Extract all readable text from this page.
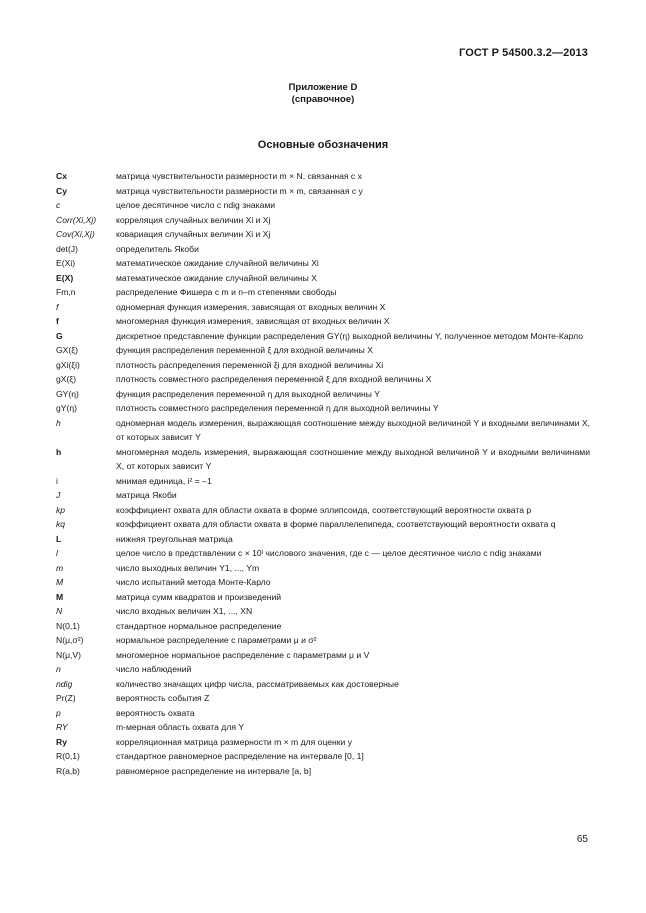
ГОСТ Р 54500.3.2—2013
Приложение D
(справочное)
Основные обозначения
Cx	матрица чувствительности размерности m × N, связанная с x
Cy	матрица чувствительности размерности m × m, связанная с y
c	целое десятичное число с ndig знаками
Corr(Xi,Xj)	корреляция случайных величин Xi и Xj
Cov(Xi,Xj)	ковариация случайных величин Xi и Xj
det(J)	определитель Якоби
E(Xi)	математическое ожидание случайной величины Xi
E(X)	математическое ожидание случайной величины X
Fm,n	распределение Фишера с m и n–m степенями свободы
f	одномерная функция измерения, зависящая от входных величин X
f	многомерная функция измерения, зависящая от входных величин X
G	дискретное представление функции распределения GY(η) выходной величины Y, полученное методом Монте-Карло
GX(ξ)	функция распределения переменной ξ для входной величины X
gXi(ξi)	плотность распределения переменной ξi для входной величины Xi
gX(ξ)	плотность совместного распределения переменной ξ для входной величины X
GY(η)	функция распределения переменной η для выходной величины Y
gY(η)	плотность совместного распределения переменной η для выходной величины Y
h	одномерная модель измерения, выражающая соотношение между выходной величиной Y и входными величинами X, от которых зависит Y
h	многомерная модель измерения, выражающая соотношение между выходной величиной Y и входными величинами X, от которых зависит Y
i	мнимая единица, i² = –1
J	матрица Якоби
kp	коэффициент охвата для области охвата в форме эллипсоида, соответствующий вероятности охвата p
kq	коэффициент охвата для области охвата в форме параллелепипеда, соответствующий вероятности охвата q
L	нижняя треугольная матрица
l	целое число в представлении c × 10ˡ числового значения, где c — целое десятичное число с ndig знаками
m	число выходных величин Y1, ..., Ym
M	число испытаний метода Монте-Карло
M	матрица сумм квадратов и произведений
N	число входных величин X1, ..., XN
N(0,1)	стандартное нормальное распределение
N(μ,σ²)	нормальное распределение с параметрами μ и σ²
N(μ,V)	многомерное нормальное распределение с параметрами μ и V
n	число наблюдений
ndig	количество значащих цифр числа, рассматриваемых как достоверные
Pr(Z)	вероятность события Z
p	вероятность охвата
RY	m-мерная область охвата для Y
Ry	корреляционная матрица размерности m × m для оценки y
R(0,1)	стандартное равномерное распределение на интервале [0, 1]
R(a,b)	равномерное распределение на интервале [a, b]
65
